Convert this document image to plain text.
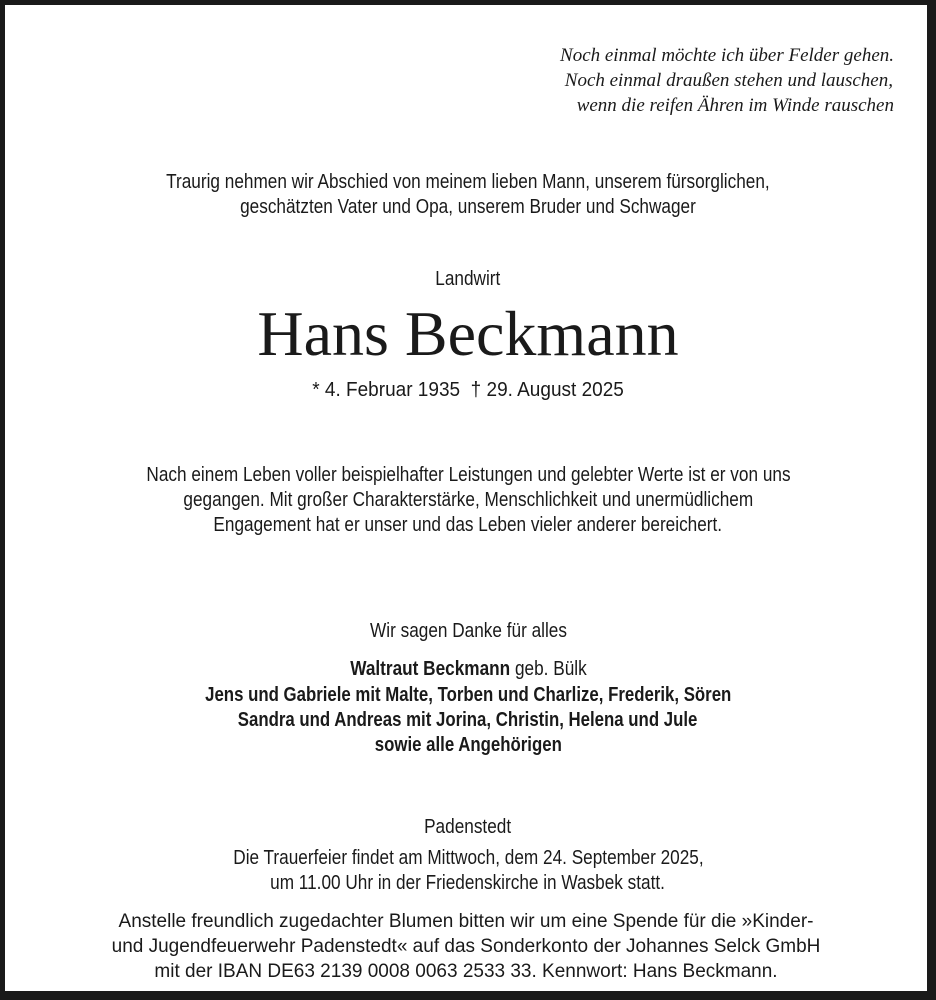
Noch einmal möchte ich über Felder gehen.

Noch einmal draußen stehen und lauschen,

wenn die reifen Ähren im Winde rauschen

Traurig nehmen wir Abschied von meinem lieben Mann, unserem fürsorglichen,

geschätzten Vater und Opa, unserem Bruder und Schwager

Landwirt

Hans Beckmann

* 4. Februar 1935 † 29. August 2025

Nach einem Leben voller beispielhafter Leistungen und gelebter Werte ist er von uns

gegangen. Mit großer Charakterstärke, Menschlichkeit und unermüdlichem

Engagement hat er unser und das Leben vieler anderer bereichert.

Wir sagen Danke für alles

Waltraut Beckmann geb. Bülk

Jens und Gabriele mit Malte, Torben und Charlize, Frederik, Sören

Sandra und Andreas mit Jorina, Christin, Helena und Jule

sowie alle Angehörigen

Padenstedt

Die Trauerfeier findet am Mittwoch, dem 24. September 2025,

um 11.00 Uhr in der Friedenskirche in Wasbek statt.

Anstelle freundlich zugedachter Blumen bitten wir um eine Spende für die »Kinder-

und Jugendfeuerwehr Padenstedt« auf das Sonderkonto der Johannes Selck GmbH

mit der IBAN DE63 2139 0008 0063 2533 33. Kennwort: Hans Beckmann.
